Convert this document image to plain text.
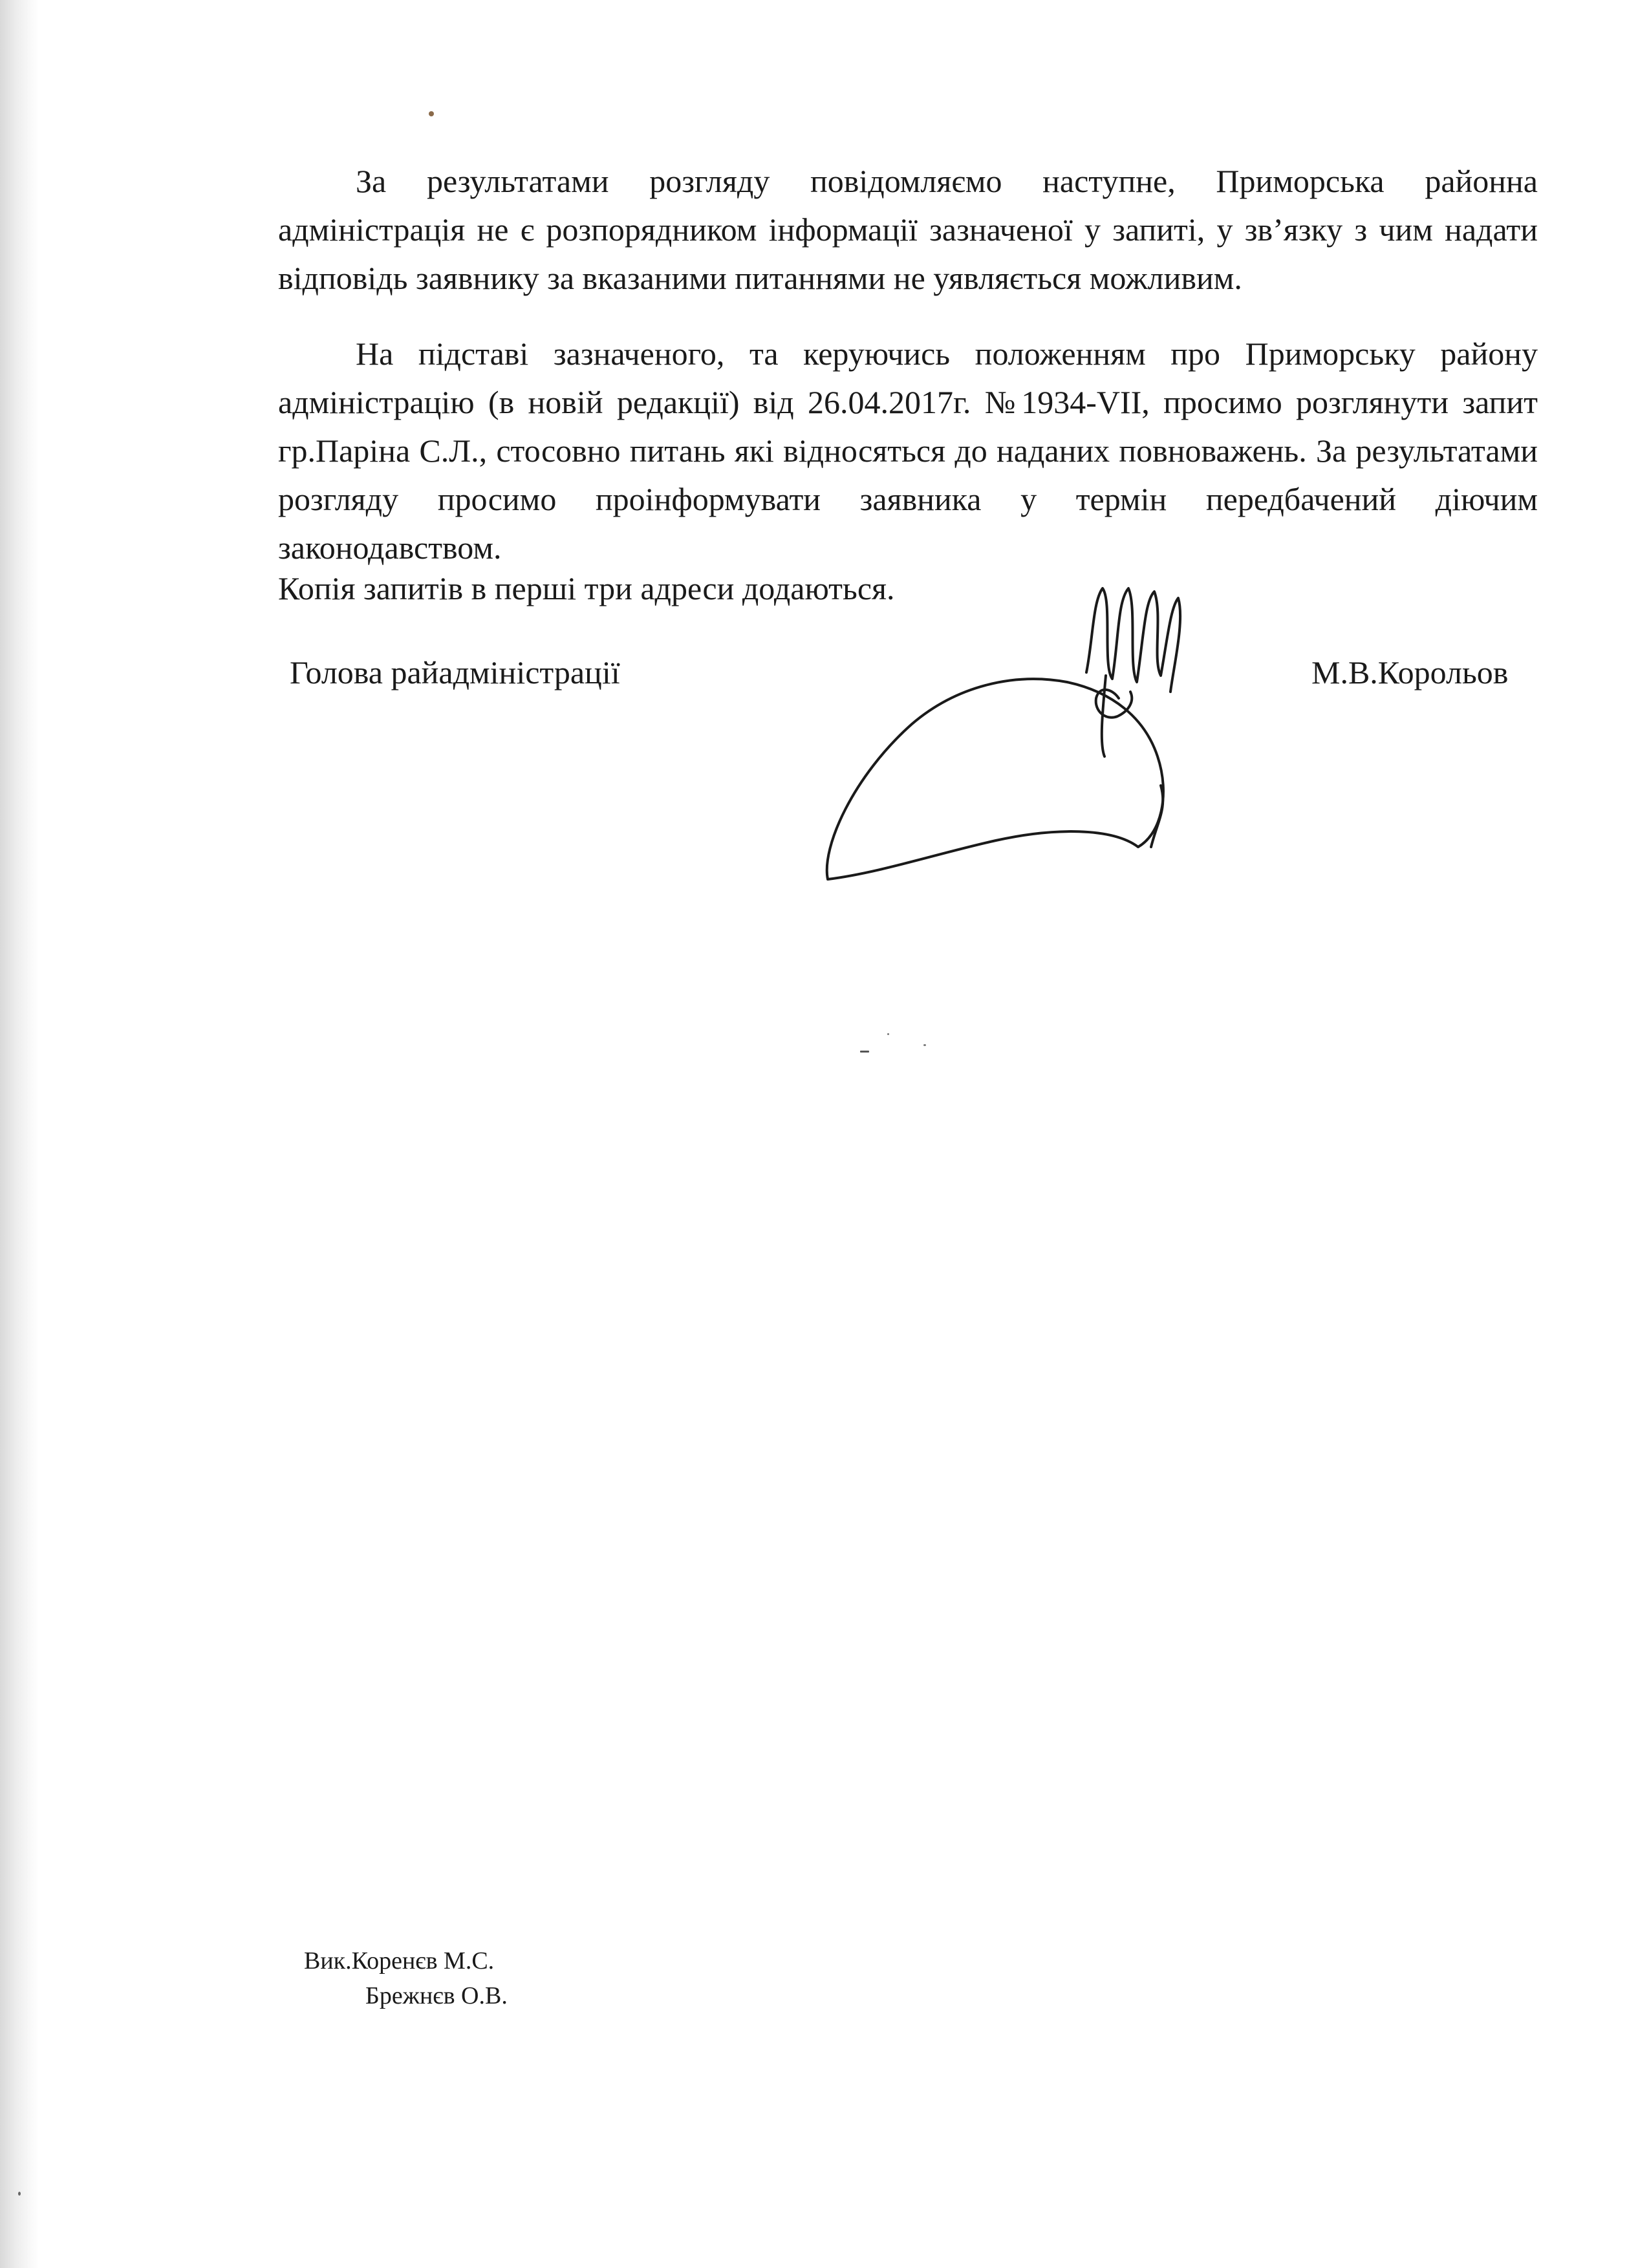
За результатами розгляду повідомляємо наступне, Приморська районна адміністрація не є розпорядником інформації зазначеної у запиті, у зв’язку з чим надати відповідь заявнику за вказаними питаннями не уявляється можливим.

На підставі зазначеного, та керуючись положенням про Приморську району адміністрацію (в новій редакції) від 26.04.2017г. №1934-VII, просимо розглянути запит гр.Паріна С.Л., стосовно питань які відносяться до наданих повноважень. За результатами розгляду просимо проінформувати заявника у термін передбачений діючим законодавством.

Копія запитів в перші три адреси додаються.

Голова райадміністрації	М.В.Корольов
Вик.Коренєв М.С.
Брежнєв О.В.
